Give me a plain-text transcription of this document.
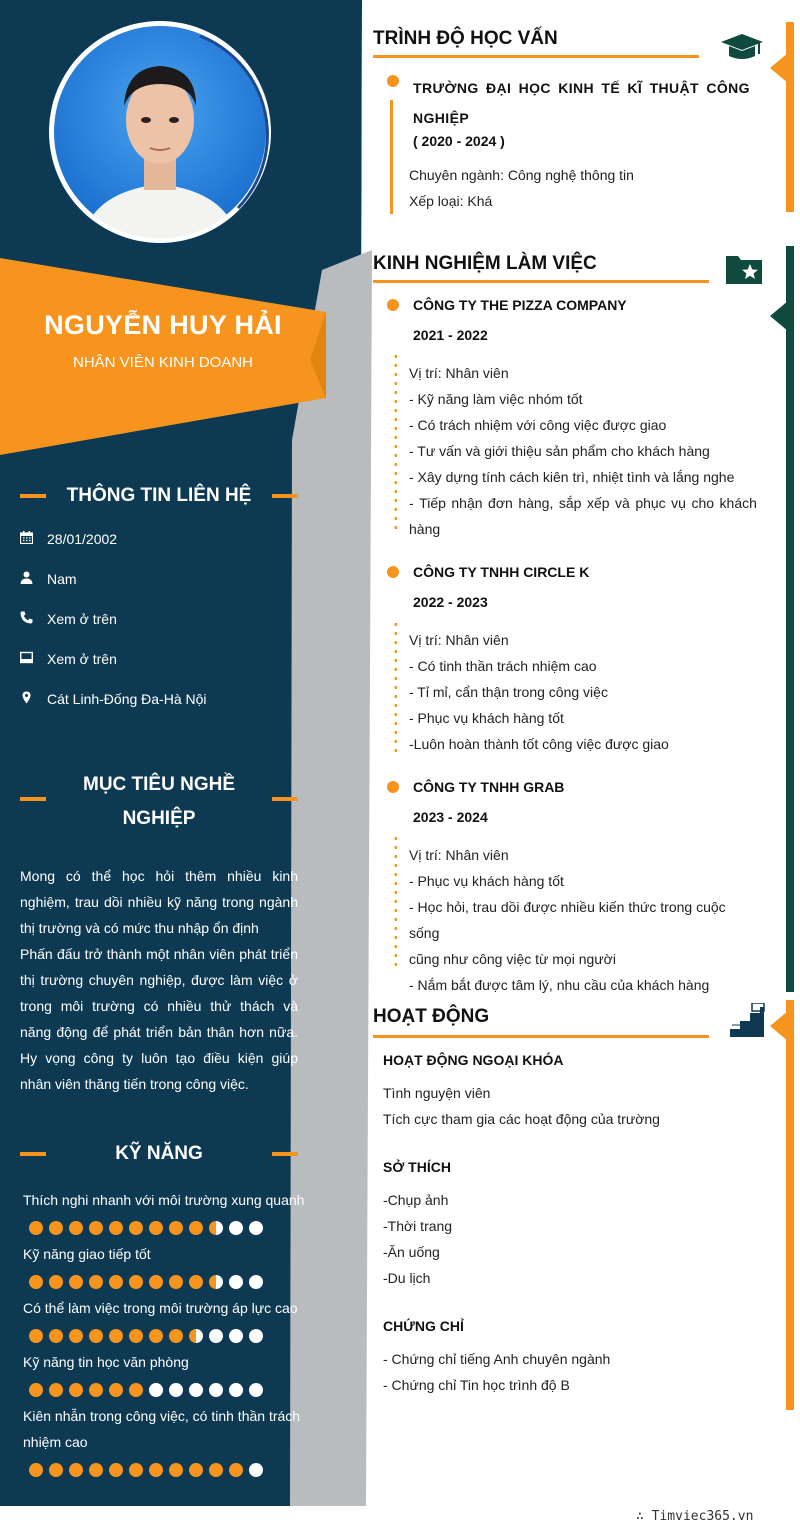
NGUYỄN HUY HẢI
NHÂN VIÊN KINH DOANH
THÔNG TIN LIÊN HỆ
28/01/2002
Nam
Xem ở trên
Xem ở trên
Cát Linh-Đống Đa-Hà Nội
MỤC TIÊU NGHỀ
NGHIỆP
Mong có thể học hỏi thêm nhiều kinh nghiệm, trau dồi nhiều kỹ năng trong ngành thị trường và có mức thu nhập ổn định
Phấn đấu trở thành một nhân viên phát triển thị trường chuyên nghiệp, được làm việc ở trong môi trường có nhiều thử thách và năng động để phát triển bản thân hơn nữa. Hy vọng công ty luôn tạo điều kiện giúp nhân viên thăng tiến trong công việc.
KỸ NĂNG
Thích nghi nhanh với môi trường xung quanh
Kỹ năng giao tiếp tốt
Có thể làm việc trong môi trường áp lực cao
Kỹ năng tin học văn phòng
Kiên nhẫn trong công việc, có tinh thần trách nhiệm cao
TRÌNH ĐỘ HỌC VẤN
TRƯỜNG ĐẠI HỌC KINH TẾ KĨ THUẬT CÔNG
NGHIỆP
( 2020 - 2024 )
Chuyên ngành: Công nghệ thông tin
Xếp loại: Khá
KINH NGHIỆM LÀM VIỆC
CÔNG TY THE PIZZA COMPANY
2021 - 2022
Vị trí: Nhân viên
- Kỹ năng làm việc nhóm tốt
- Có trách nhiệm với công việc được giao
- Tư vấn và giới thiệu sản phẩm cho khách hàng
- Xây dựng tính cách kiên trì, nhiệt tình và lắng nghe
- Tiếp nhận đơn hàng, sắp xếp và phục vụ cho khách
hàng
CÔNG TY TNHH CIRCLE K
2022 - 2023
Vị trí: Nhân viên
- Có tinh thần trách nhiệm cao
- Tỉ mỉ, cẩn thận trong công việc
- Phục vụ khách hàng tốt
-Luôn hoàn thành tốt công việc được giao
CÔNG TY TNHH GRAB
2023 - 2024
Vị trí: Nhân viên
- Phục vụ khách hàng tốt
- Học hỏi, trau dồi được nhiều kiến thức trong cuộc sống
cũng như công việc từ mọi người
- Nắm bắt được tâm lý, nhu cầu của khách hàng
HOẠT ĐỘNG
HOẠT ĐỘNG NGOẠI KHÓA
Tình nguyện viên
Tích cực tham gia các hoạt động của trường
SỞ THÍCH
-Chụp ảnh
-Thời trang
-Ăn uống
-Du lịch
CHỨNG CHỈ
- Chứng chỉ tiếng Anh chuyên ngành
- Chứng chỉ Tin học trình độ B
∴ Timviec365.vn
